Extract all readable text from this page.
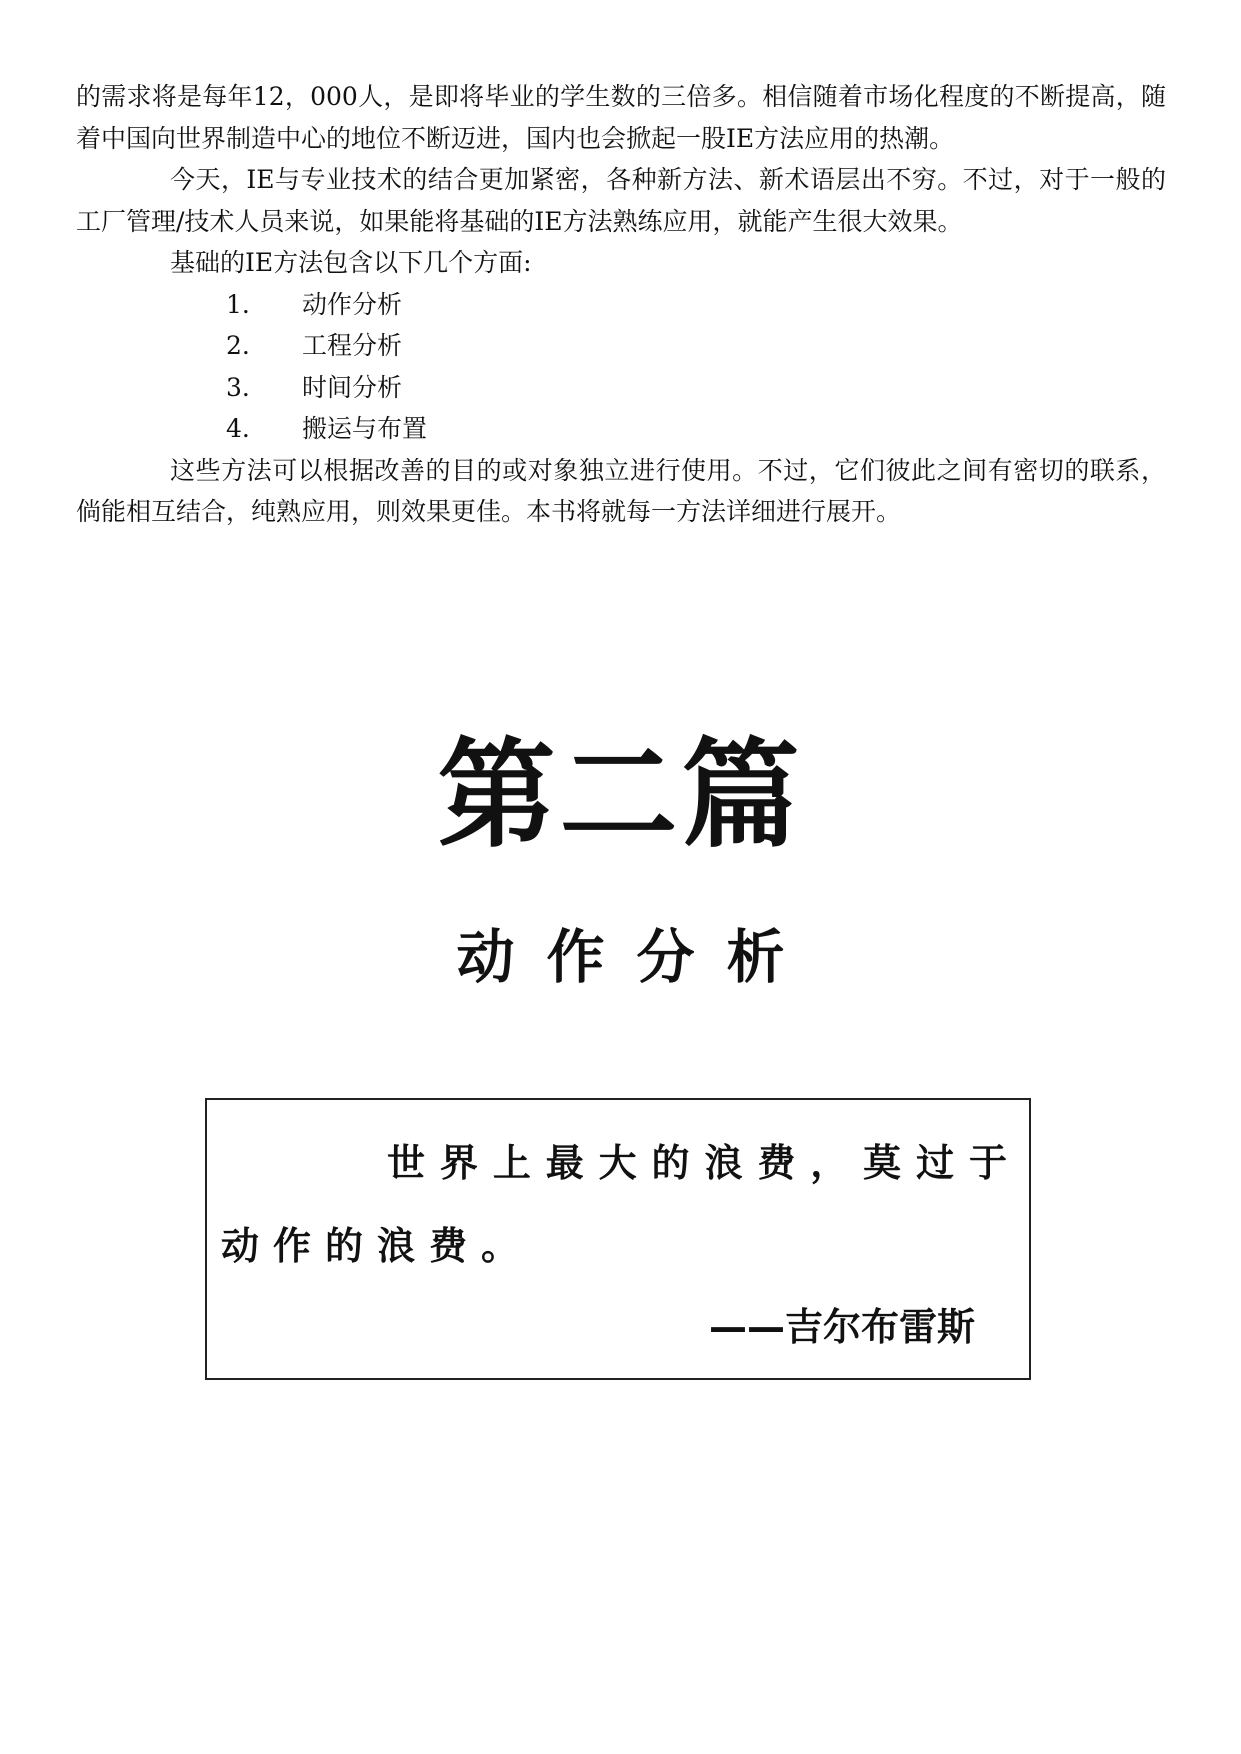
的需求将是每年12，000人，是即将毕业的学生数的三倍多。相信随着市场化程度的不断提高，随着中国向世界制造中心的地位不断迈进，国内也会掀起一股IE方法应用的热潮。

今天，IE与专业技术的结合更加紧密，各种新方法、新术语层出不穷。不过，对于一般的工厂管理/技术人员来说，如果能将基础的IE方法熟练应用，就能产生很大效果。

基础的IE方法包含以下几个方面:

1.	动作分析
2.	工程分析
3.	时间分析
4.	搬运与布置

这些方法可以根据改善的目的或对象独立进行使用。不过，它们彼此之间有密切的联系，倘能相互结合，纯熟应用，则效果更佳。本书将就每一方法详细进行展开。

第二篇
动作分析
世界上最大的浪费，莫过于动作的浪费。
——吉尔布雷斯
